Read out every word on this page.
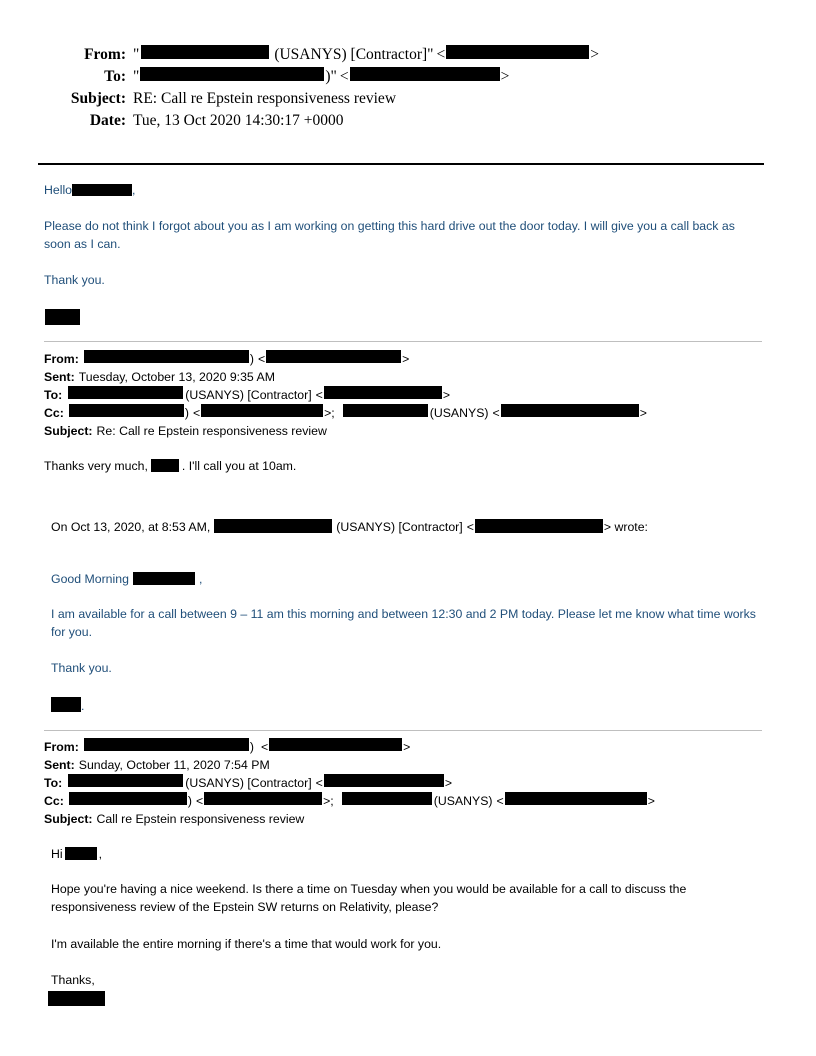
From: "	(USANYS) [Contractor]" <	>
To: "	)" <	>
Subject: RE: Call re Epstein responsiveness review
Date: Tue, 13 Oct 2020 14:30:17 +0000
Hello	,
Please do not think I forgot about you as I am working on getting this hard drive out the door today. I will give you a call back as soon as I can.
Thank you.
From:	) <	>
Sent: Tuesday, October 13, 2020 9:35 AM
To:	(USANYS) [Contractor] <	>
Cc:	) <	>;	(USANYS) <	>
Subject: Re: Call re Epstein responsiveness review
Thanks very much,	. I'll call you at 10am.
On Oct 13, 2020, at 8:53 AM,	(USANYS) [Contractor] <	> wrote:
Good Morning	,
I am available for a call between 9 – 11 am this morning and between 12:30 and 2 PM today. Please let me know what time works for you.
Thank you.
.
From:	) <	>
Sent: Sunday, October 11, 2020 7:54 PM
To:	(USANYS) [Contractor] <	>
Cc:	) <	>;	(USANYS) <	>
Subject: Call re Epstein responsiveness review
Hi	,
Hope you're having a nice weekend. Is there a time on Tuesday when you would be available for a call to discuss the responsiveness review of the Epstein SW returns on Relativity, please?
I'm available the entire morning if there's a time that would work for you.
Thanks,
